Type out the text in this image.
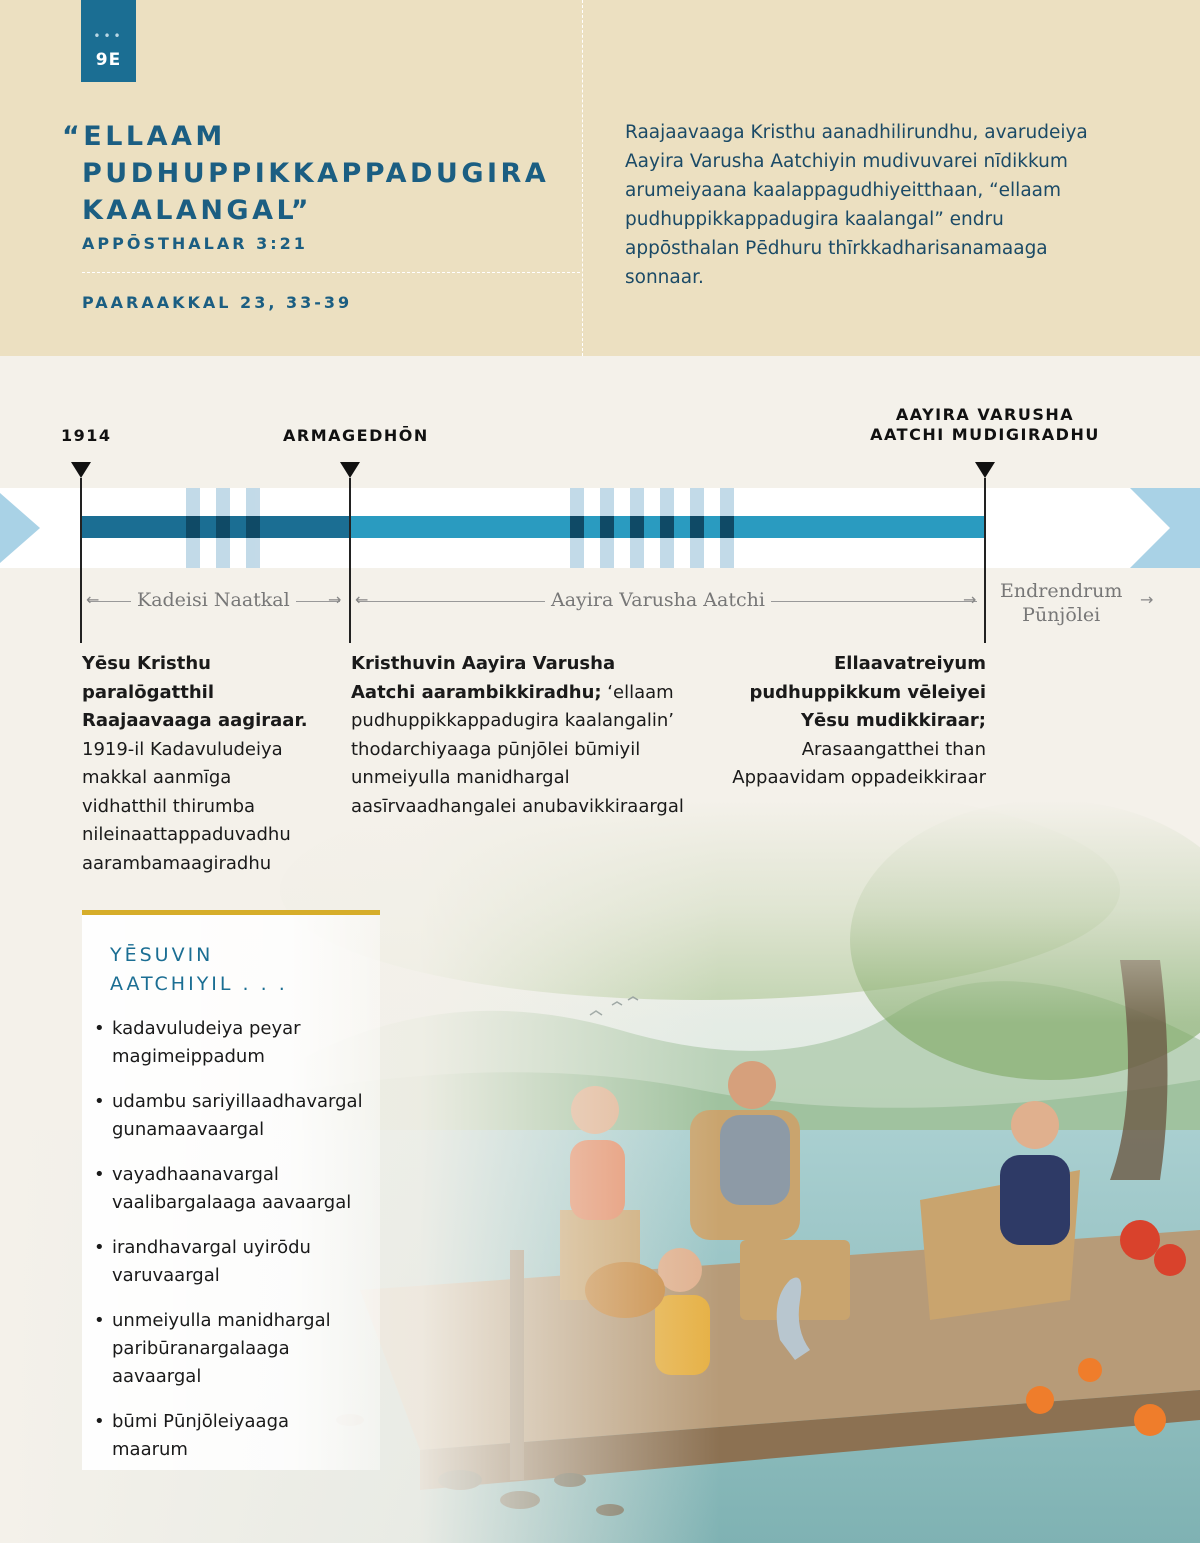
•••
9E
“ELLAAM
PUDHUPPIKKAPPADUGIRA
KAALANGAL”
APPŌSTHALAR 3:21
PAARAAKKAL 23, 33-39
Raajaavaaga Kristhu aanadhilirundhu, avarudeiya Aayira Varusha Aatchiyin mudivuvarei nīdikkum arumeiyaana kaalappagudhiyeitthaan, “ellaam pudhuppikkappadugira kaalangal” endru appōsthalan Pēdhuru thīrkkadharisanamaaga sonnaar.
1914	ARMAGEDHŌN
AAYIRA VARUSHA
AATCHI MUDIGIRADHU
←	→
Kadeisi Naatkal	←	→
Aayira Varusha Aatchi	Endrendrum
Pūnjōlei
→
Yēsu Kristhu
paralōgatthil
Raajaavaaga aagiraar.
1919-il Kadavuludeiya
makkal aanmīga
vidhatthil thirumba
nileinaattappaduvadhu
aarambamaagiradhu
Kristhuvin Aayira Varusha
Aatchi aarambikkiradhu; ‘ellaam
pudhuppikkappadugira kaalangalin’
thodarchiyaaga pūnjōlei būmiyil
unmeiyulla manidhargal
aasīrvaadhangalei anubavikkiraargal
Ellaavatreiyum
pudhuppikkum vēleiyei
Yēsu mudikkiraar;
Arasaangatthei than
Appaavidam oppadeikkiraar
YĒSUVIN
AATCHIYIL . . .
• kadavuludeiya peyar
magimeippadum
• udambu sariyillaadhavargal
gunamaavaargal
• vayadhaanavargal
vaalibargalaaga aavaargal
• irandhavargal uyirōdu
varuvaargal
• unmeiyulla manidhargal
paribūranargalaaga
aavaargal
• būmi Pūnjōleiyaaga
maarum
